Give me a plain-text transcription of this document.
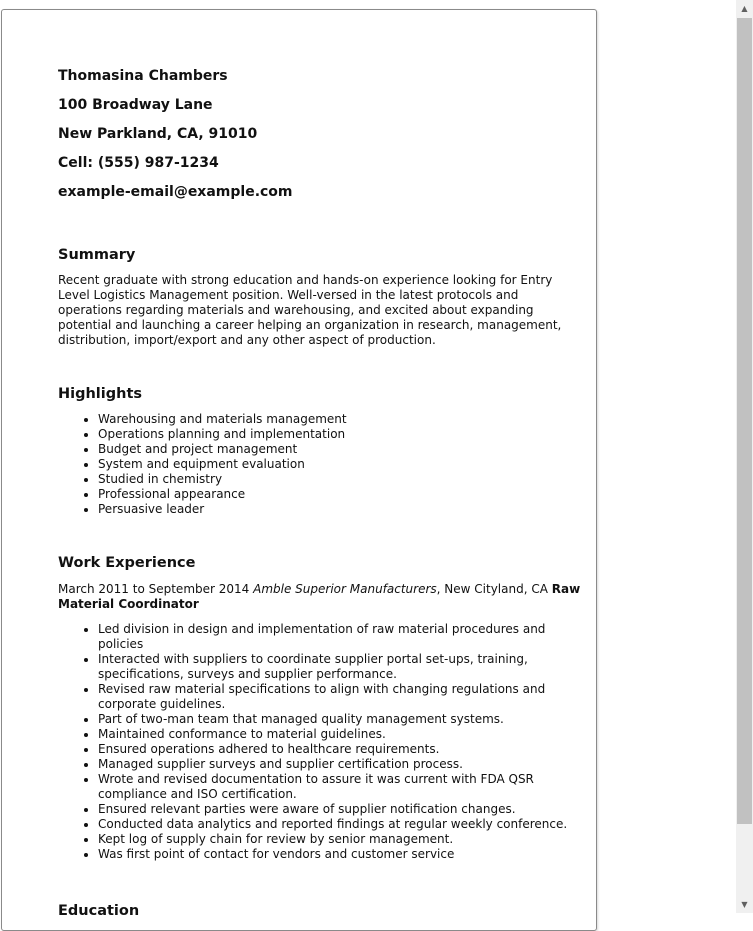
Thomasina Chambers
100 Broadway Lane
New Parkland, CA, 91010
Cell: (555) 987-1234
example-email@example.com
Summary

Recent graduate with strong education and hands-on experience looking for Entry Level Logistics Management position. Well-versed in the latest protocols and operations regarding materials and warehousing, and excited about expanding potential and launching a career helping an organization in research, management, distribution, import/export and any other aspect of production.

Highlights
• Warehousing and materials management
• Operations planning and implementation
• Budget and project management
• System and equipment evaluation
• Studied in chemistry
• Professional appearance
• Persuasive leader
Work Experience
March 2011 to September 2014 Amble Superior Manufacturers, New Cityland, CA Raw Material Coordinator
• Led division in design and implementation of raw material procedures and policies
• Interacted with suppliers to coordinate supplier portal set-ups, training, specifications, surveys and supplier performance.
• Revised raw material specifications to align with changing regulations and corporate guidelines.
• Part of two-man team that managed quality management systems.
• Maintained conformance to material guidelines.
• Ensured operations adhered to healthcare requirements.
• Managed supplier surveys and supplier certification process.
• Wrote and revised documentation to assure it was current with FDA QSR compliance and ISO certification.
• Ensured relevant parties were aware of supplier notification changes.
• Conducted data analytics and reported findings at regular weekly conference.
• Kept log of supply chain for review by senior management.
• Was first point of contact for vendors and customer service
Education
▲
▼
